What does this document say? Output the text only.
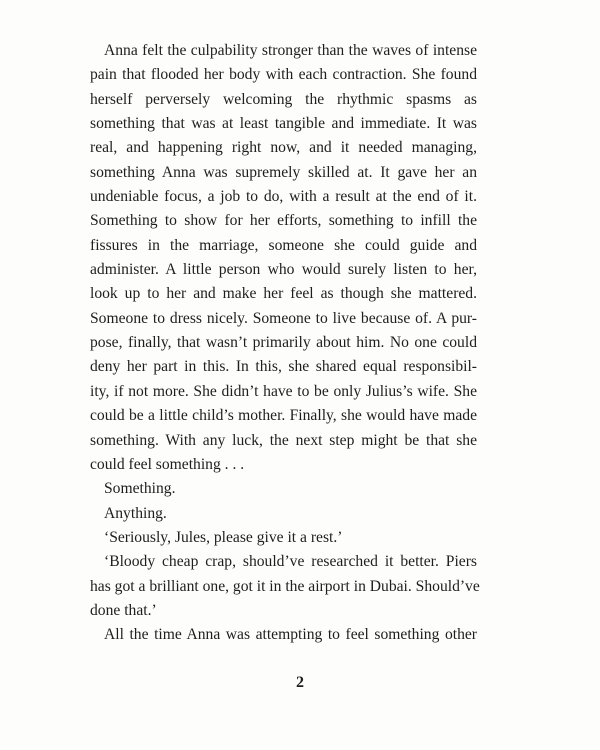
Anna felt the culpability stronger than the waves of intense
pain that flooded her body with each contraction. She found
herself perversely welcoming the rhythmic spasms as
something that was at least tangible and immediate. It was
real, and happening right now, and it needed managing,
something Anna was supremely skilled at. It gave her an
undeniable focus, a job to do, with a result at the end of it.
Something to show for her efforts, something to infill the
fissures in the marriage, someone she could guide and
administer. A little person who would surely listen to her,
look up to her and make her feel as though she mattered.
Someone to dress nicely. Someone to live because of. A pur-
pose, finally, that wasn’t primarily about him. No one could
deny her part in this. In this, she shared equal responsibil-
ity, if not more. She didn’t have to be only Julius’s wife. She
could be a little child’s mother. Finally, she would have made
something. With any luck, the next step might be that she
could feel something . . .
Something.
Anything.
‘Seriously, Jules, please give it a rest.’
‘Bloody cheap crap, should’ve researched it better. Piers
has got a brilliant one, got it in the airport in Dubai. Should’ve
done that.’
All the time Anna was attempting to feel something other
2
